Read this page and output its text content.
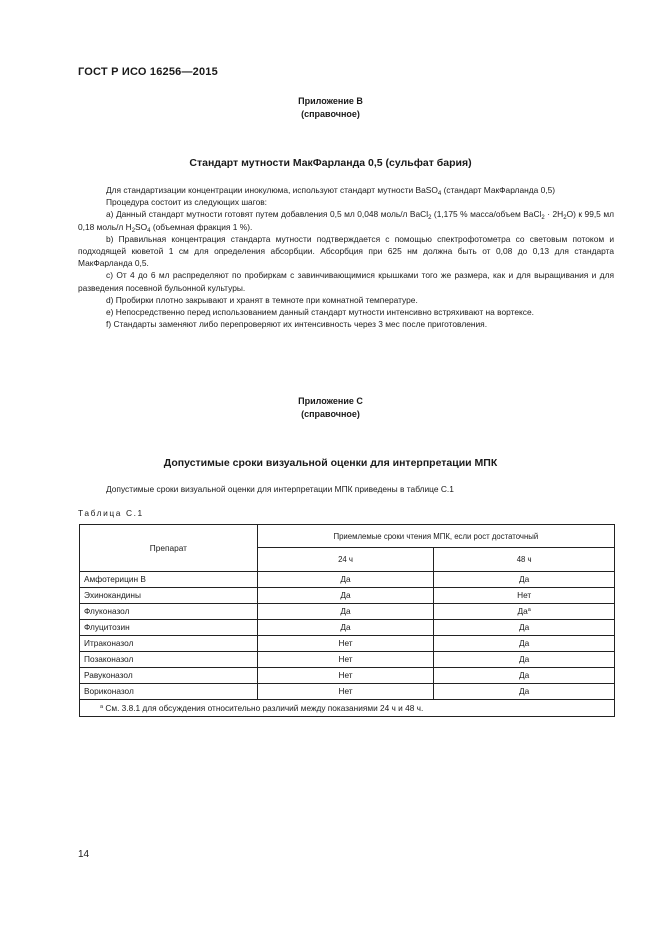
ГОСТ Р ИСО 16256—2015
Приложение В
(справочное)
Стандарт мутности МакФарланда 0,5 (сульфат бария)

Для стандартизации концентрации инокулюма, используют стандарт мутности BaSO$_4$ (стандарт МакФарланда 0,5)

Процедура состоит из следующих шагов:

a) Данный стандарт мутности готовят путем добавления 0,5 мл 0,048 моль/л BaCl$_2$ (1,175 % масса/объем BaCl$_2$ · $2H_2O$) к 99,5 мл 0,18 моль/л $H_2SO_4$ (объемная фракция 1 %).

b) Правильная концентрация стандарта мутности подтверждается с помощью спектрофотометра со световым потоком и подходящей кюветой 1 см для определения абсорбции. Абсорбция при 625 нм должна быть от 0,08 до 0,13 для стандарта МакФарланда 0,5.

c) От 4 до 6 мл распределяют по пробиркам с завинчивающимися крышками того же размера, как и для выращивания и для разведения посевной бульонной культуры.

d) Пробирки плотно закрывают и хранят в темноте при комнатной температуре.

e) Непосредственно перед использованием данный стандарт мутности интенсивно встряхивают на вортексе.

f) Стандарты заменяют либо перепроверяют их интенсивность через 3 мес после приготовления.

Приложение С
(справочное)
Допустимые сроки визуальной оценки для интерпретации МПК

Допустимые сроки визуальной оценки для интерпретации МПК приведены в таблице С.1

Таблица С.1
Препарат	Приемлемые сроки чтения МПК, если рост достаточный	
	24 ч	48 ч
Амфотерицин В	Да	Да
Эхинокандины	Да	Нет
Флуконазол	Да	$Да^a$
Флуцитозин	Да	Да
Итраконазол	Нет	Да
Позаконазол	Нет	Да
Равуконазол	Нет	Да
Вориконазол	Нет	Да
$^a$ См. 3.8.1 для обсуждения относительно различий между показаниями 24 ч и 48 ч.		
14
